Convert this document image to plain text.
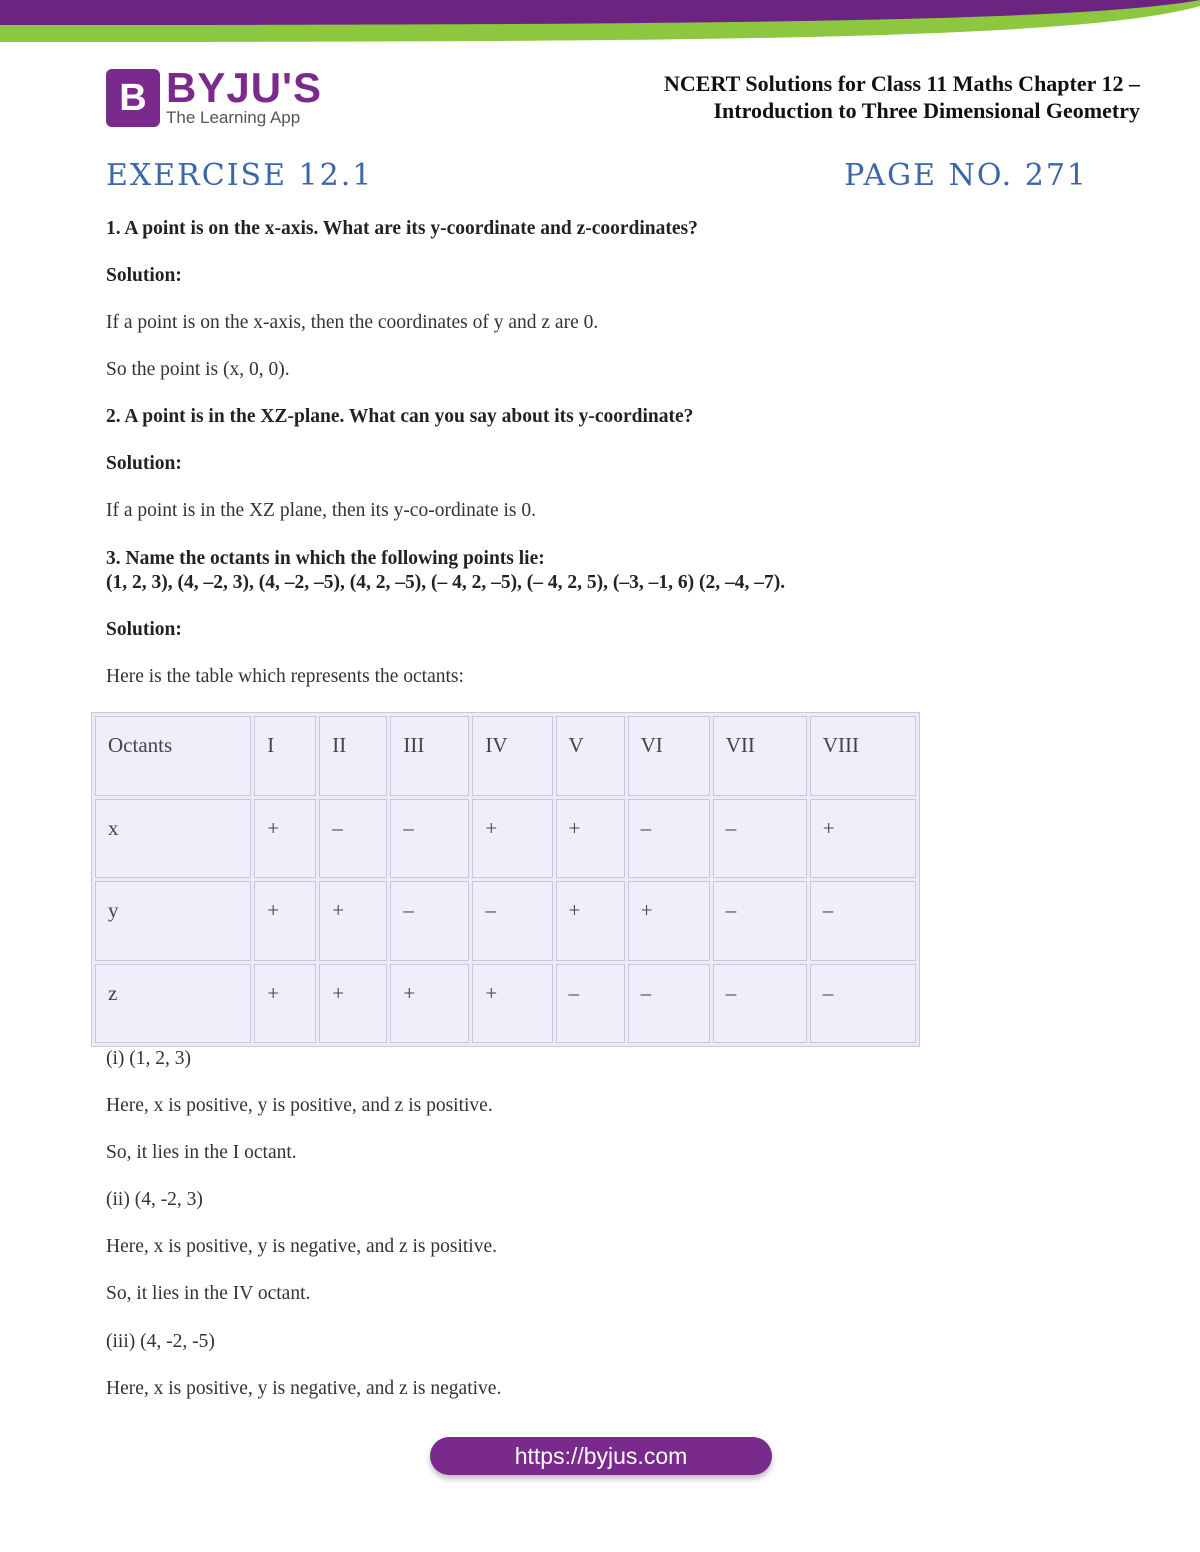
B BYJU'S
The Learning App
NCERT Solutions for Class 11 Maths Chapter 12 –
Introduction to Three Dimensional Geometry
EXERCISE 12.1	PAGE NO. 271
1. A point is on the x-axis. What are its y-coordinate and z-coordinates?
Solution:
If a point is on the x-axis, then the coordinates of y and z are 0.
So the point is (x, 0, 0).
2. A point is in the XZ-plane. What can you say about its y-coordinate?
Solution:
If a point is in the XZ plane, then its y-co-ordinate is 0.
3. Name the octants in which the following points lie:
(1, 2, 3), (4, –2, 3), (4, –2, –5), (4, 2, –5), (– 4, 2, –5), (– 4, 2, 5), (–3, –1, 6) (2, –4, –7).
Solution:
Here is the table which represents the octants:
Octants	I	II	III	IV	V	VI	VII	VIII
x	+	–	–	+	+	–	–	+
y	+	+	–	–	+	+	–	–
z	+	+	+	+	–	–	–	–
(i) (1, 2, 3)
Here, x is positive, y is positive, and z is positive.
So, it lies in the I octant.
(ii) (4, -2, 3)
Here, x is positive, y is negative, and z is positive.
So, it lies in the IV octant.
(iii) (4, -2, -5)
Here, x is positive, y is negative, and z is negative.
https://byjus.com
